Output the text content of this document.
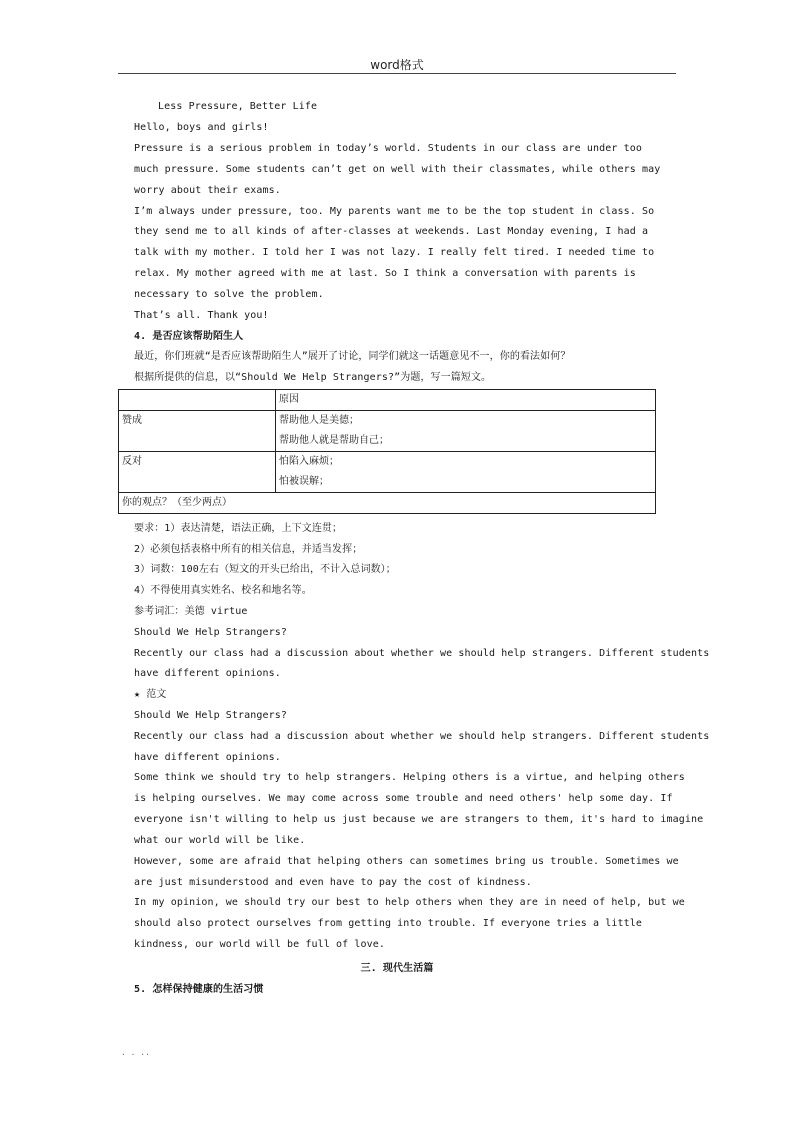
word格式
Less Pressure, Better Life
Hello, boys and girls!
Pressure is a serious problem in today’s world. Students in our class are under too
much pressure. Some students can’t get on well with their classmates, while others may
worry about their exams.
I’m always under pressure, too. My parents want me to be the top student in class. So
they send me to all kinds of after-classes at weekends. Last Monday evening, I had a
talk with my mother. I told her I was not lazy. I really felt tired. I needed time to
relax. My mother agreed with me at last. So I think a conversation with parents is
necessary to solve the problem.
That’s all. Thank you!
4. 是否应该帮助陌生人
最近，你们班就“是否应该帮助陌生人”展开了讨论，同学们就这一话题意见不一，你的看法如何？
根据所提供的信息，以“Should We Help Strangers?”为题，写一篇短文。
	原因
赞成	帮助他人是美德；
帮助他人就是帮助自己；

反对	怕陷入麻烦；
怕被误解；

你的观点？（至少两点）	
要求：1）表达清楚，语法正确，上下文连贯；
2）必须包括表格中所有的相关信息，并适当发挥；
3）词数：100左右（短文的开头已给出，不计入总词数）；
4）不得使用真实姓名、校名和地名等。
参考词汇：美德 virtue
Should We Help Strangers?
Recently our class had a discussion about whether we should help strangers. Different students
have different opinions.
★ 范文
Should We Help Strangers?
Recently our class had a discussion about whether we should help strangers. Different students
have different opinions.
Some think we should try to help strangers. Helping others is a virtue, and helping others
is helping ourselves. We may come across some trouble and need others' help some day. If
everyone isn't willing to help us just because we are strangers to them, it's hard to imagine
what our world will be like.
However, some are afraid that helping others can sometimes bring us trouble. Sometimes we
are just misunderstood and even have to pay the cost of kindness.
In my opinion, we should try our best to help others when they are in need of help, but we
should also protect ourselves from getting into trouble. If everyone tries a little
kindness, our world will be full of love.
三. 现代生活篇
5. 怎样保持健康的生活习惯
. . ..
